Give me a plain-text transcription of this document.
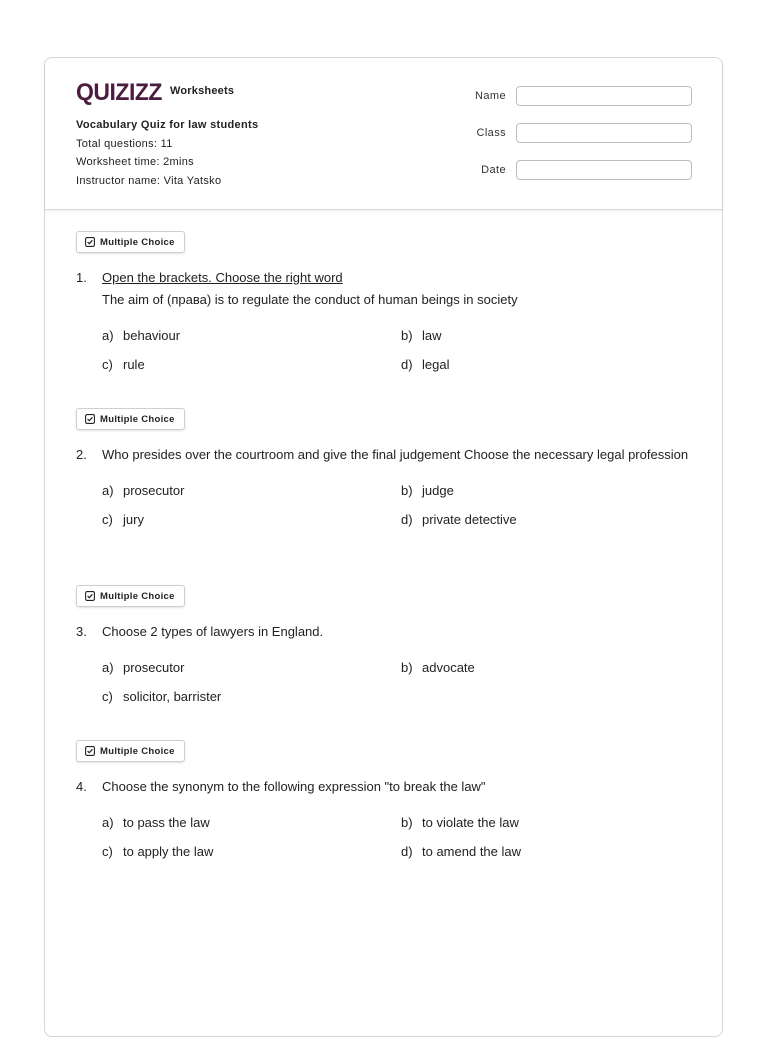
QUIZIZZ Worksheets
Vocabulary Quiz for law students
Total questions: 11
Worksheet time: 2mins
Instructor name: Vita Yatsko
Name
Class
Date
Multiple Choice
1.	Open the brackets. Choose the right word
The aim of (права) is to regulate the conduct of human beings in society
a) behaviour	b) law
c) rule	d) legal
Multiple Choice
2.	Who presides over the courtroom and give the final judgement Choose the necessary legal profession
a) prosecutor	b) judge
c) jury	d) private detective
Multiple Choice
3.	Choose 2 types of lawyers in England.
a) prosecutor	b) advocate
c) solicitor, barrister
Multiple Choice
4.	Choose the synonym to the following expression "to break the law"
a) to pass the law	b) to violate the law
c) to apply the law	d) to amend the law
